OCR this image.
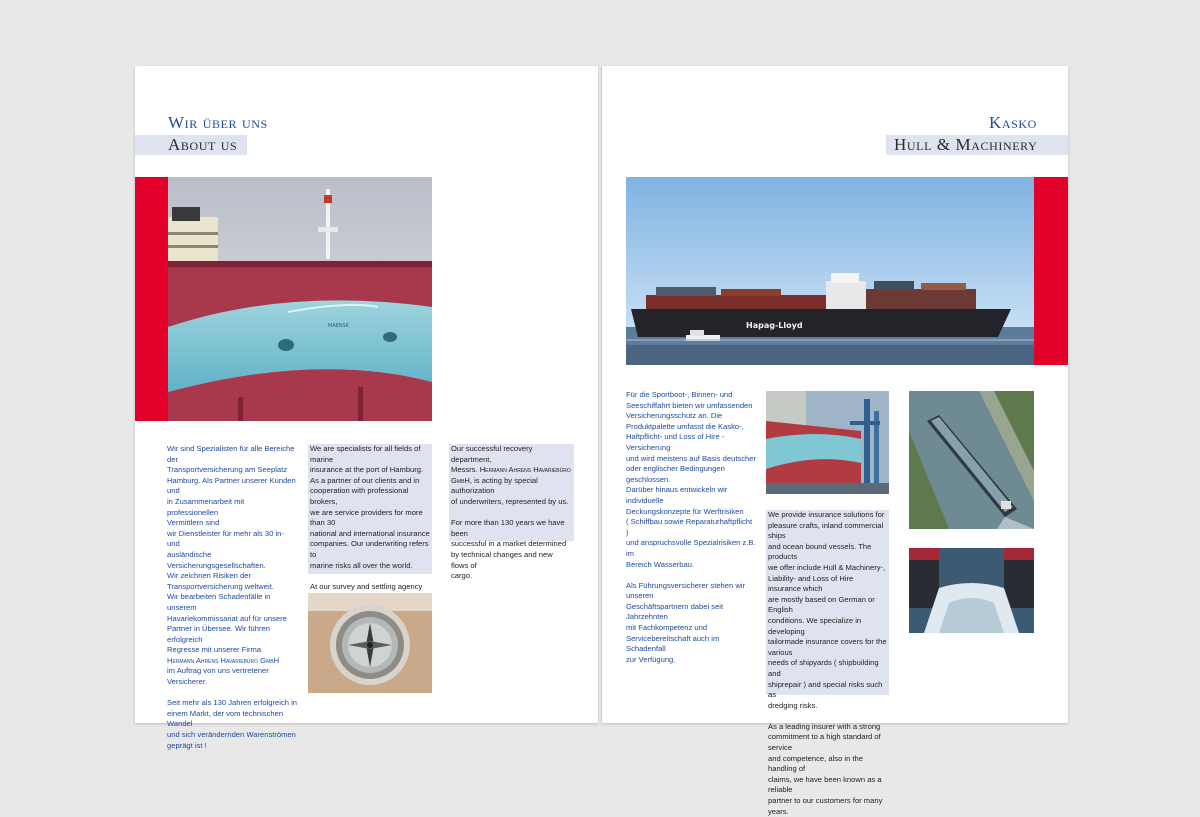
Wir über uns
About us
MAERSK

Wir sind Spezialisten für alle Bereiche der
Transportversicherung am Seeplatz
Hamburg. Als Partner unserer Kunden und
in Zusammenarbeit mit professionellen
Vermittlern sind
wir Dienstleister für mehr als 30 in- und
ausländische Versicherungsgesellschaften.
Wir zeichnen Risiken der
Transportversicherung weltweit.
Wir bearbeiten Schadenfälle in unserem
Havariekommissariat auf für unsere
Partner in Übersee. Wir führen erfolgreich
Regresse mit unserer Firma
Hermann Ahrens Havariebüro GmbH
im Auftrag von uns vertretener Versicherer.

Seit mehr als 130 Jahren erfolgreich in
einem Markt, der vom technischen Wandel
und sich verändernden Warenströmen
geprägt ist !

We are specialists for all fields of marine
insurance at the port of Hamburg.
As a partner of our clients and in
cooperation with professional brokers,
we are service providers for more than 30
national and international insurance
companies. Our underwriting refers to
marine risks all over the world.

At our survey and settling agency

Our successful recovery department,
Messrs. Hermann Ahrens Havariebüro GmbH, is acting by special authorization
of underwriters, represented by us.

For more than 130 years we have been
successful in a market determined
by technical changes and new flows of
cargo.

Kasko
Hull & Machinery
Hapag-Lloyd

Für die Sportboot-, Binnen- und
Seeschiffahrt bieten wir umfassenden
Versicherungsschutz an. Die
Produktpalette umfasst die Kasko-,
Haftpflicht- und Loss of Hire - Versicherung
und wird meistens auf Basis deutscher
oder englischer Bedingungen geschlossen.
Darüber hinaus entwickeln wir individuelle
Deckungskonzepte für Werftrisiken
( Schiffbau sowie Reparaturhaftpflicht )
und anspruchsvolle Spezialrisiken z.B. im
Bereich Wasserbau.

Als Führungsversicherer stehen wir unseren
Geschäftspartnern dabei seit Jahrzehnten
mit Fachkompetenz und
Servicebereitschaft auch im Schadenfall
zur Verfügung.

We provide insurance solutions for
pleasure crafts, inland commercial ships
and ocean bound vessels. The products
we offer include Hull & Machinery-,
Liability- and Loss of Hire insurance which
are mostly based on German or English
conditions. We specialize in developing
tailormade insurance covers for the various
needs of shipyards ( shipbuilding and
shiprepair ) and special risks such as
dredging risks.

As a leading insurer with a strong
commitment to a high standard of service
and competence, also in the handling of
claims, we have been known as a reliable
partner to our customers for many years.
